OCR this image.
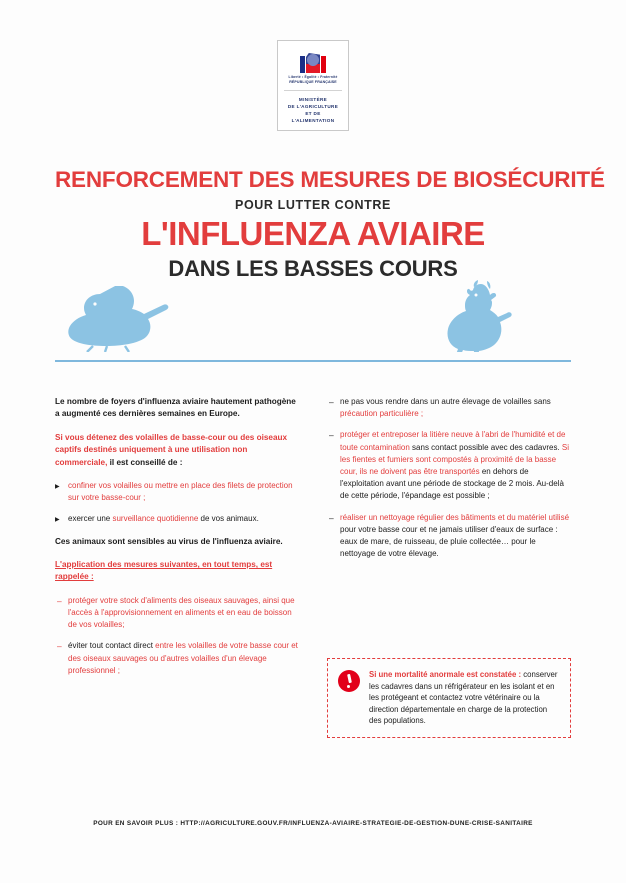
Liberté • Égalité • Fraternité
RÉPUBLIQUE FRANÇAISE
MINISTÈRE
DE L'AGRICULTURE
ET DE
L'ALIMENTATION
RENFORCEMENT DES MESURES DE BIOSÉCURITÉ
POUR LUTTER CONTRE
L'INFLUENZA AVIAIRE
DANS LES BASSES COURS

Le nombre de foyers d'influenza aviaire hautement pathogène a augmenté ces dernières semaines en Europe.

Si vous détenez des volailles de basse-cour ou des oiseaux captifs destinés uniquement à une utilisation non commerciale, il est conseillé de :

▶ confiner vos volailles ou mettre en place des filets de protection sur votre basse-cour ;
▶ exercer une surveillance quotidienne de vos animaux.

Ces animaux sont sensibles au virus de l'influenza aviaire.

L'application des mesures suivantes, en tout temps, est rappelée :

– protéger votre stock d'aliments des oiseaux sauvages, ainsi que l'accès à l'approvisionnement en aliments et en eau de boisson de vos volailles;
– éviter tout contact direct entre les volailles de votre basse cour et des oiseaux sauvages ou d'autres volailles d'un élevage professionnel ;
– ne pas vous rendre dans un autre élevage de volailles sans précaution particulière ;
– protéger et entreposer la litière neuve à l'abri de l'humidité et de toute contamination sans contact possible avec des cadavres. Si les fientes et fumiers sont compostés à proximité de la basse cour, ils ne doivent pas être transportés en dehors de l'exploitation avant une période de stockage de 2 mois. Au-delà de cette période, l'épandage est possible ;
– réaliser un nettoyage régulier des bâtiments et du matériel utilisé pour votre basse cour et ne jamais utiliser d'eaux de surface : eaux de mare, de ruisseau, de pluie collectée… pour le nettoyage de votre élevage.
Si une mortalité anormale est constatée : conserver les cadavres dans un réfrigérateur en les isolant et en les protégeant et contactez votre vétérinaire ou la direction départementale en charge de la protection des populations.
POUR EN SAVOIR PLUS : HTTP://AGRICULTURE.GOUV.FR/INFLUENZA-AVIAIRE-STRATEGIE-DE-GESTION-DUNE-CRISE-SANITAIRE
